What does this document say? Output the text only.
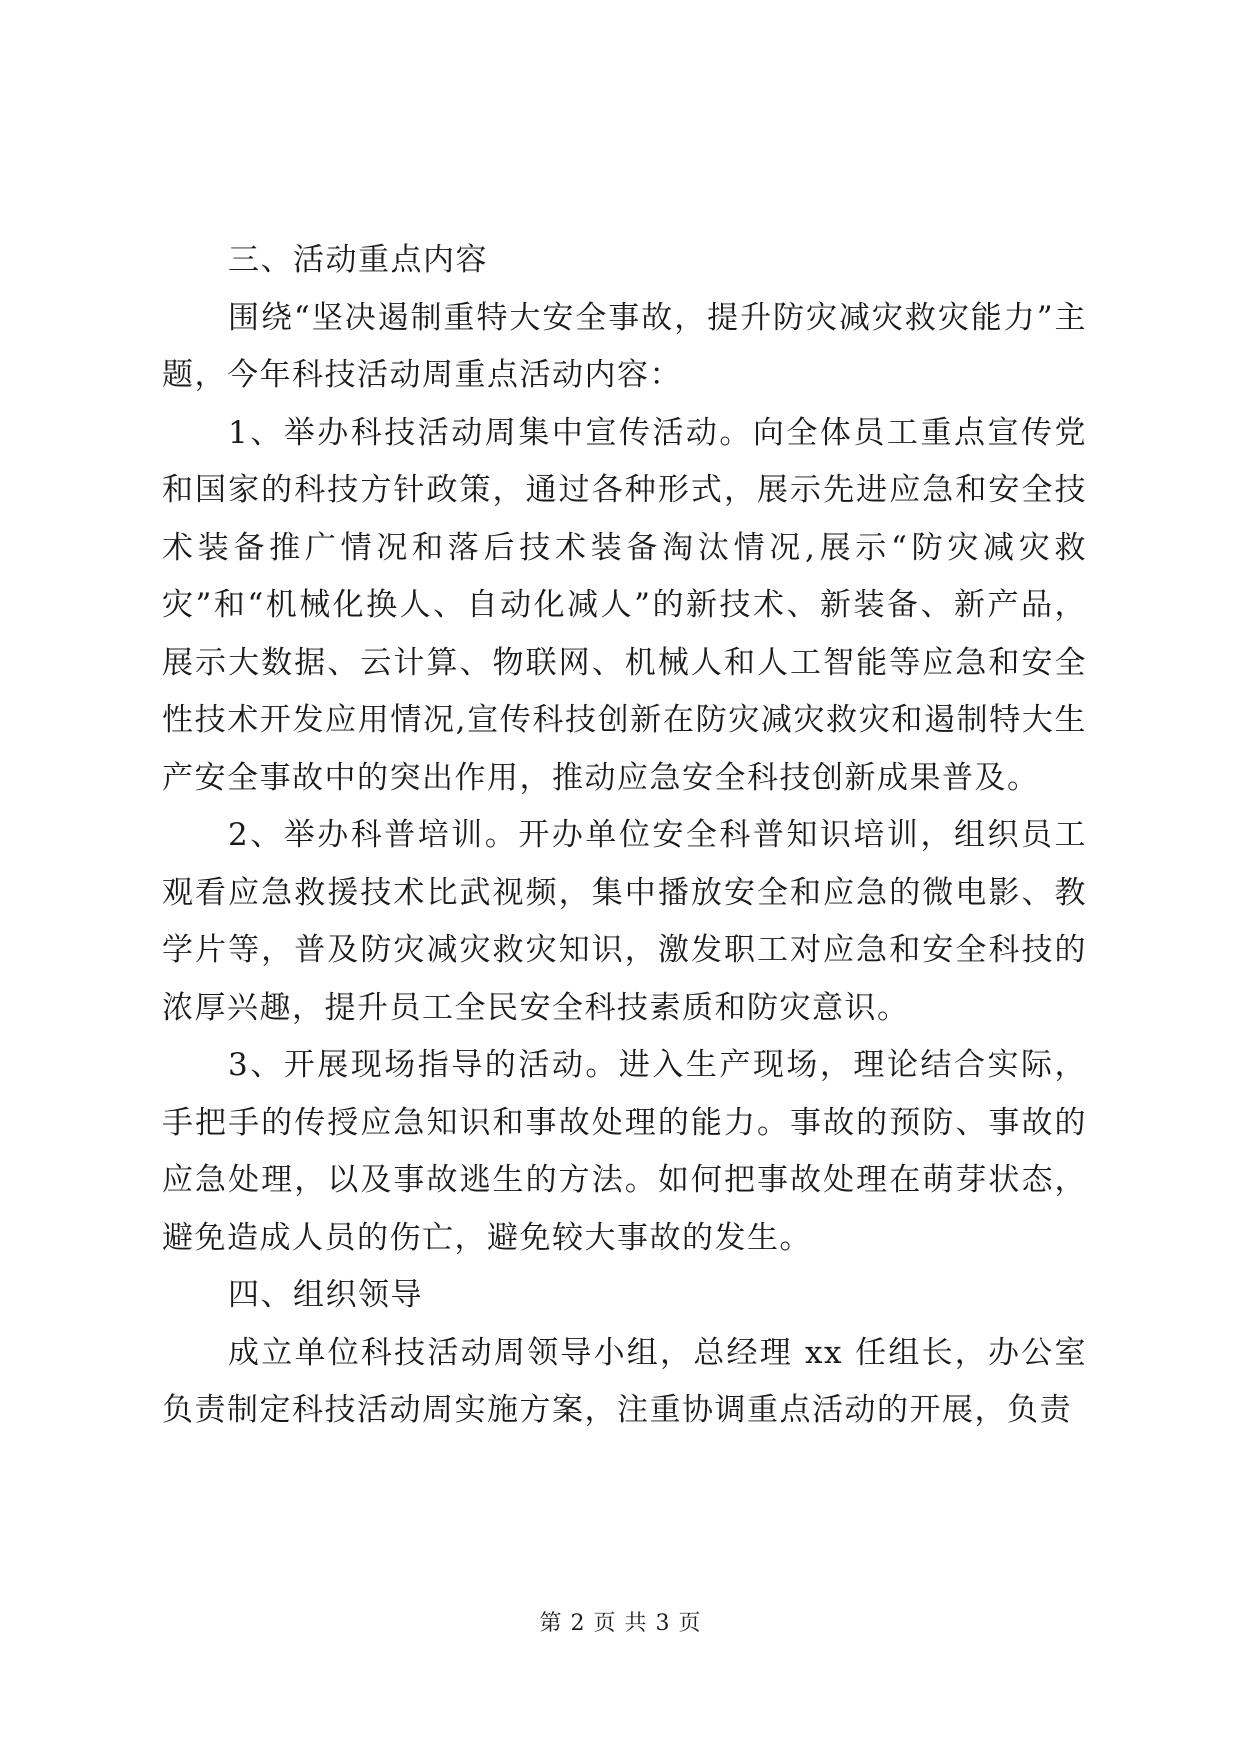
三、活动重点内容

围绕“坚决遏制重特大安全事故，提升防灾减灾救灾能力”主题，今年科技活动周重点活动内容：

1、举办科技活动周集中宣传活动。向全体员工重点宣传党和国家的科技方针政策，通过各种形式，展示先进应急和安全技术装备推广情况和落后技术装备淘汰情况,展示“防灾减灾救灾”和“机械化换人、自动化减人”的新技术、新装备、新产品，展示大数据、云计算、物联网、机械人和人工智能等应急和安全性技术开发应用情况,宣传科技创新在防灾减灾救灾和遏制特大生产安全事故中的突出作用，推动应急安全科技创新成果普及。

2、举办科普培训。开办单位安全科普知识培训，组织员工观看应急救援技术比武视频，集中播放安全和应急的微电影、教学片等，普及防灾减灾救灾知识，激发职工对应急和安全科技的浓厚兴趣，提升员工全民安全科技素质和防灾意识。

3、开展现场指导的活动。进入生产现场，理论结合实际，手把手的传授应急知识和事故处理的能力。事故的预防、事故的应急处理，以及事故逃生的方法。如何把事故处理在萌芽状态，避免造成人员的伤亡，避免较大事故的发生。

四、组织领导

成立单位科技活动周领导小组，总经理 xx 任组长，办公室负责制定科技活动周实施方案，注重协调重点活动的开展，负责

第 2 页 共 3 页
